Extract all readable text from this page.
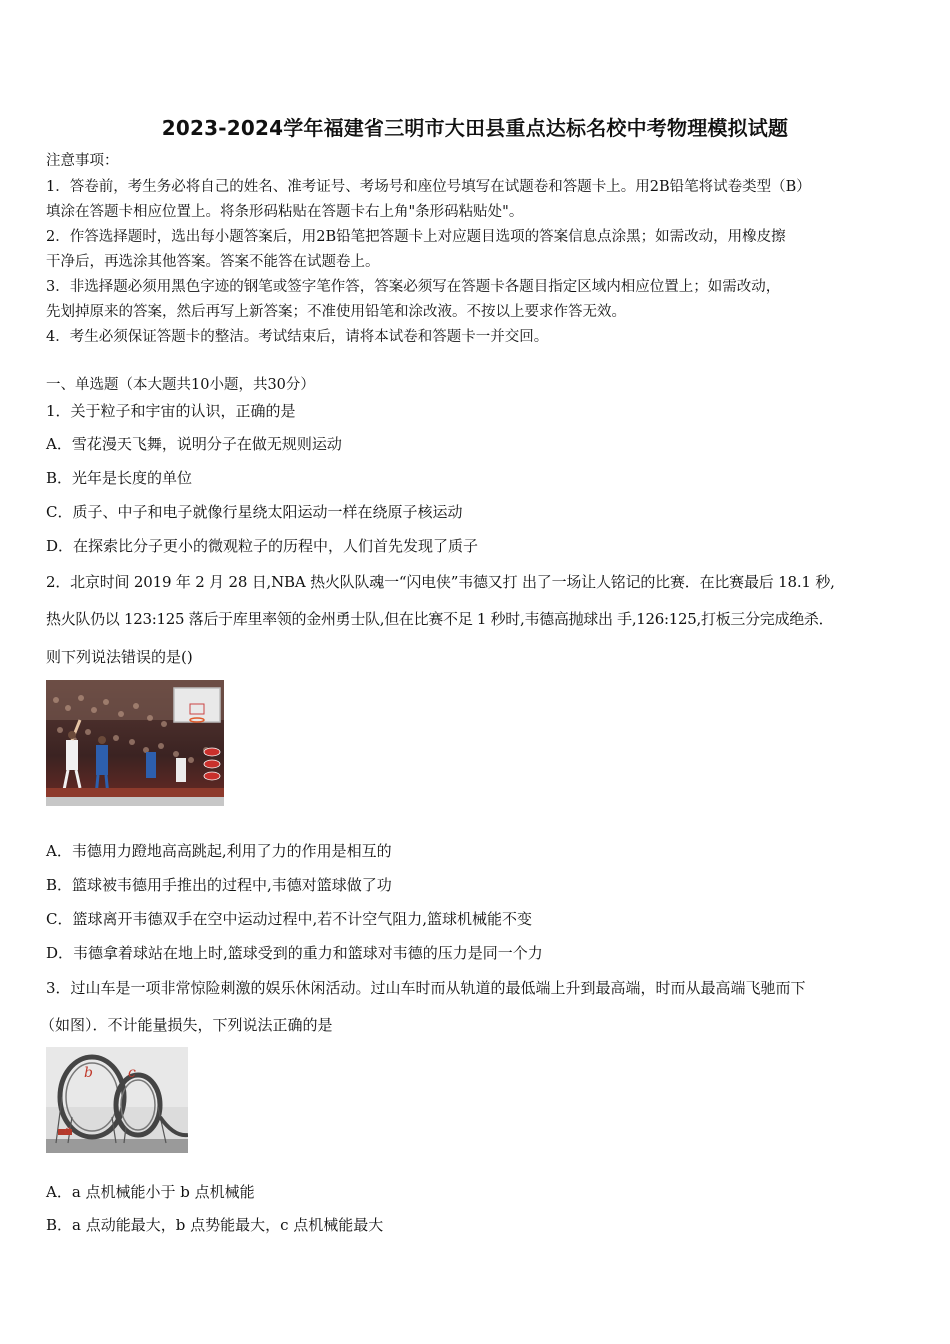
2023-2024学年福建省三明市大田县重点达标名校中考物理模拟试题
注意事项：
1．答卷前，考生务必将自己的姓名、准考证号、考场号和座位号填写在试题卷和答题卡上。用2B铅笔将试卷类型（B）
填涂在答题卡相应位置上。将条形码粘贴在答题卡右上角"条形码粘贴处"。
2．作答选择题时，选出每小题答案后，用2B铅笔把答题卡上对应题目选项的答案信息点涂黑；如需改动，用橡皮擦
干净后，再选涂其他答案。答案不能答在试题卷上。
3．非选择题必须用黑色字迹的钢笔或签字笔作答，答案必须写在答题卡各题目指定区域内相应位置上；如需改动，
先划掉原来的答案，然后再写上新答案；不准使用铅笔和涂改液。不按以上要求作答无效。
4．考生必须保证答题卡的整洁。考试结束后，请将本试卷和答题卡一并交回。
一、单选题（本大题共10小题，共30分）
1．关于粒子和宇宙的认识，正确的是
A．雪花漫天飞舞，说明分子在做无规则运动
B．光年是长度的单位
C．质子、中子和电子就像行星绕太阳运动一样在绕原子核运动
D．在探索比分子更小的微观粒子的历程中，人们首先发现了质子
2．北京时间 2019 年 2 月 28 日,NBA 热火队队魂一“闪电侠”韦德又打 出了一场让人铭记的比赛．在比赛最后 18.1 秒,
热火队仍以 123:125 落后于库里率领的金州勇士队,但在比赛不足 1 秒时,韦德高抛球出 手,126:125,打板三分完成绝杀．
则下列说法错误的是()
A．韦德用力蹬地高高跳起,利用了力的作用是相互的
B．篮球被韦德用手推出的过程中,韦德对篮球做了功
C．篮球离开韦德双手在空中运动过程中,若不计空气阻力,篮球机械能不变
D．韦德拿着球站在地上时,篮球受到的重力和篮球对韦德的压力是同一个力
3．过山车是一项非常惊险刺激的娱乐休闲活动。过山车时而从轨道的最低端上升到最高端，时而从最高端飞驰而下
（如图）．不计能量损失，下列说法正确的是
a
b	c
A．a 点机械能小于 b 点机械能
B．a 点动能最大，b 点势能最大，c 点机械能最大
